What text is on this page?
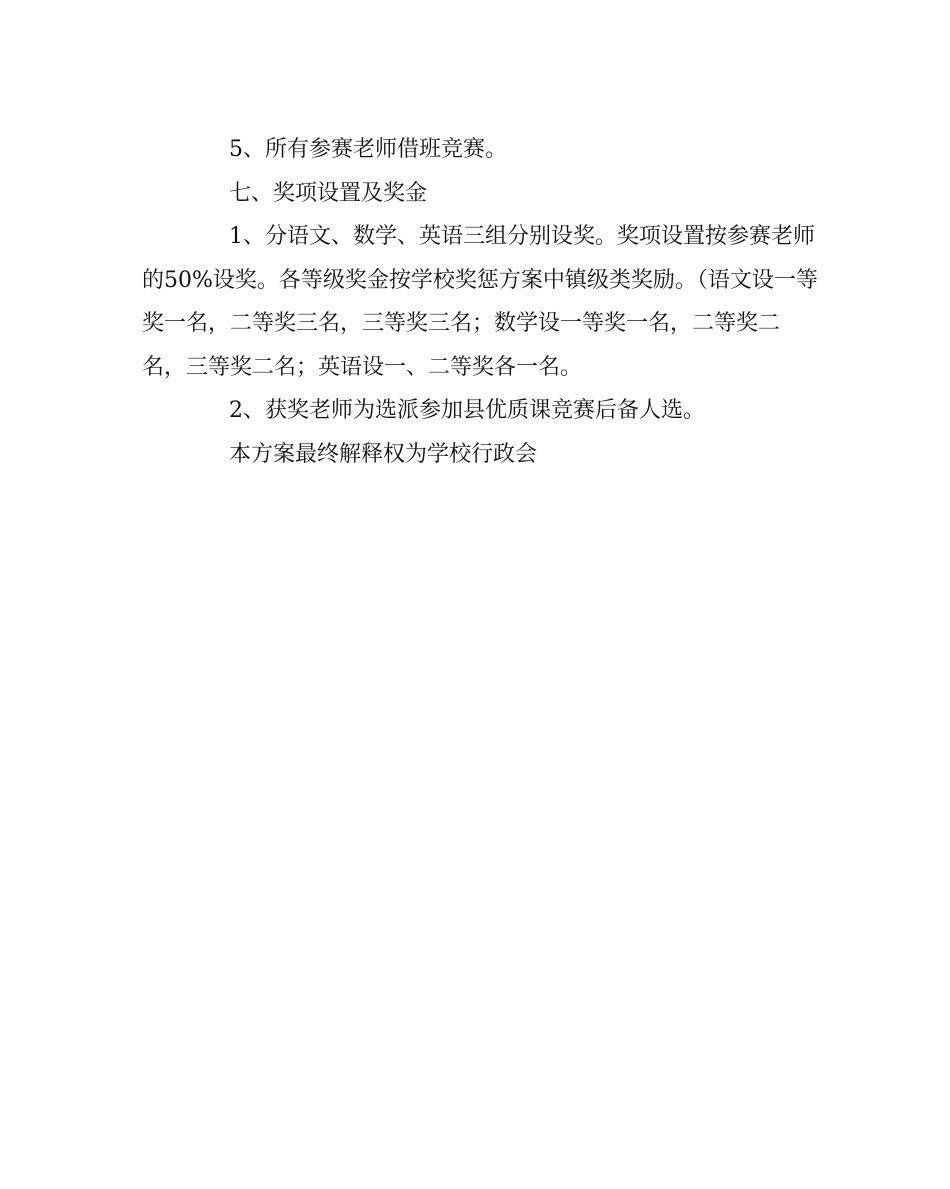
5、所有参赛老师借班竞赛。

七、奖项设置及奖金

1、分语文、数学、英语三组分别设奖。奖项设置按参赛老师
的50%设奖。各等级奖金按学校奖惩方案中镇级类奖励。（语文设一等
奖一名，二等奖三名，三等奖三名；数学设一等奖一名，二等奖二
名，三等奖二名；英语设一、二等奖各一名。

2、获奖老师为选派参加县优质课竞赛后备人选。

本方案最终解释权为学校行政会
